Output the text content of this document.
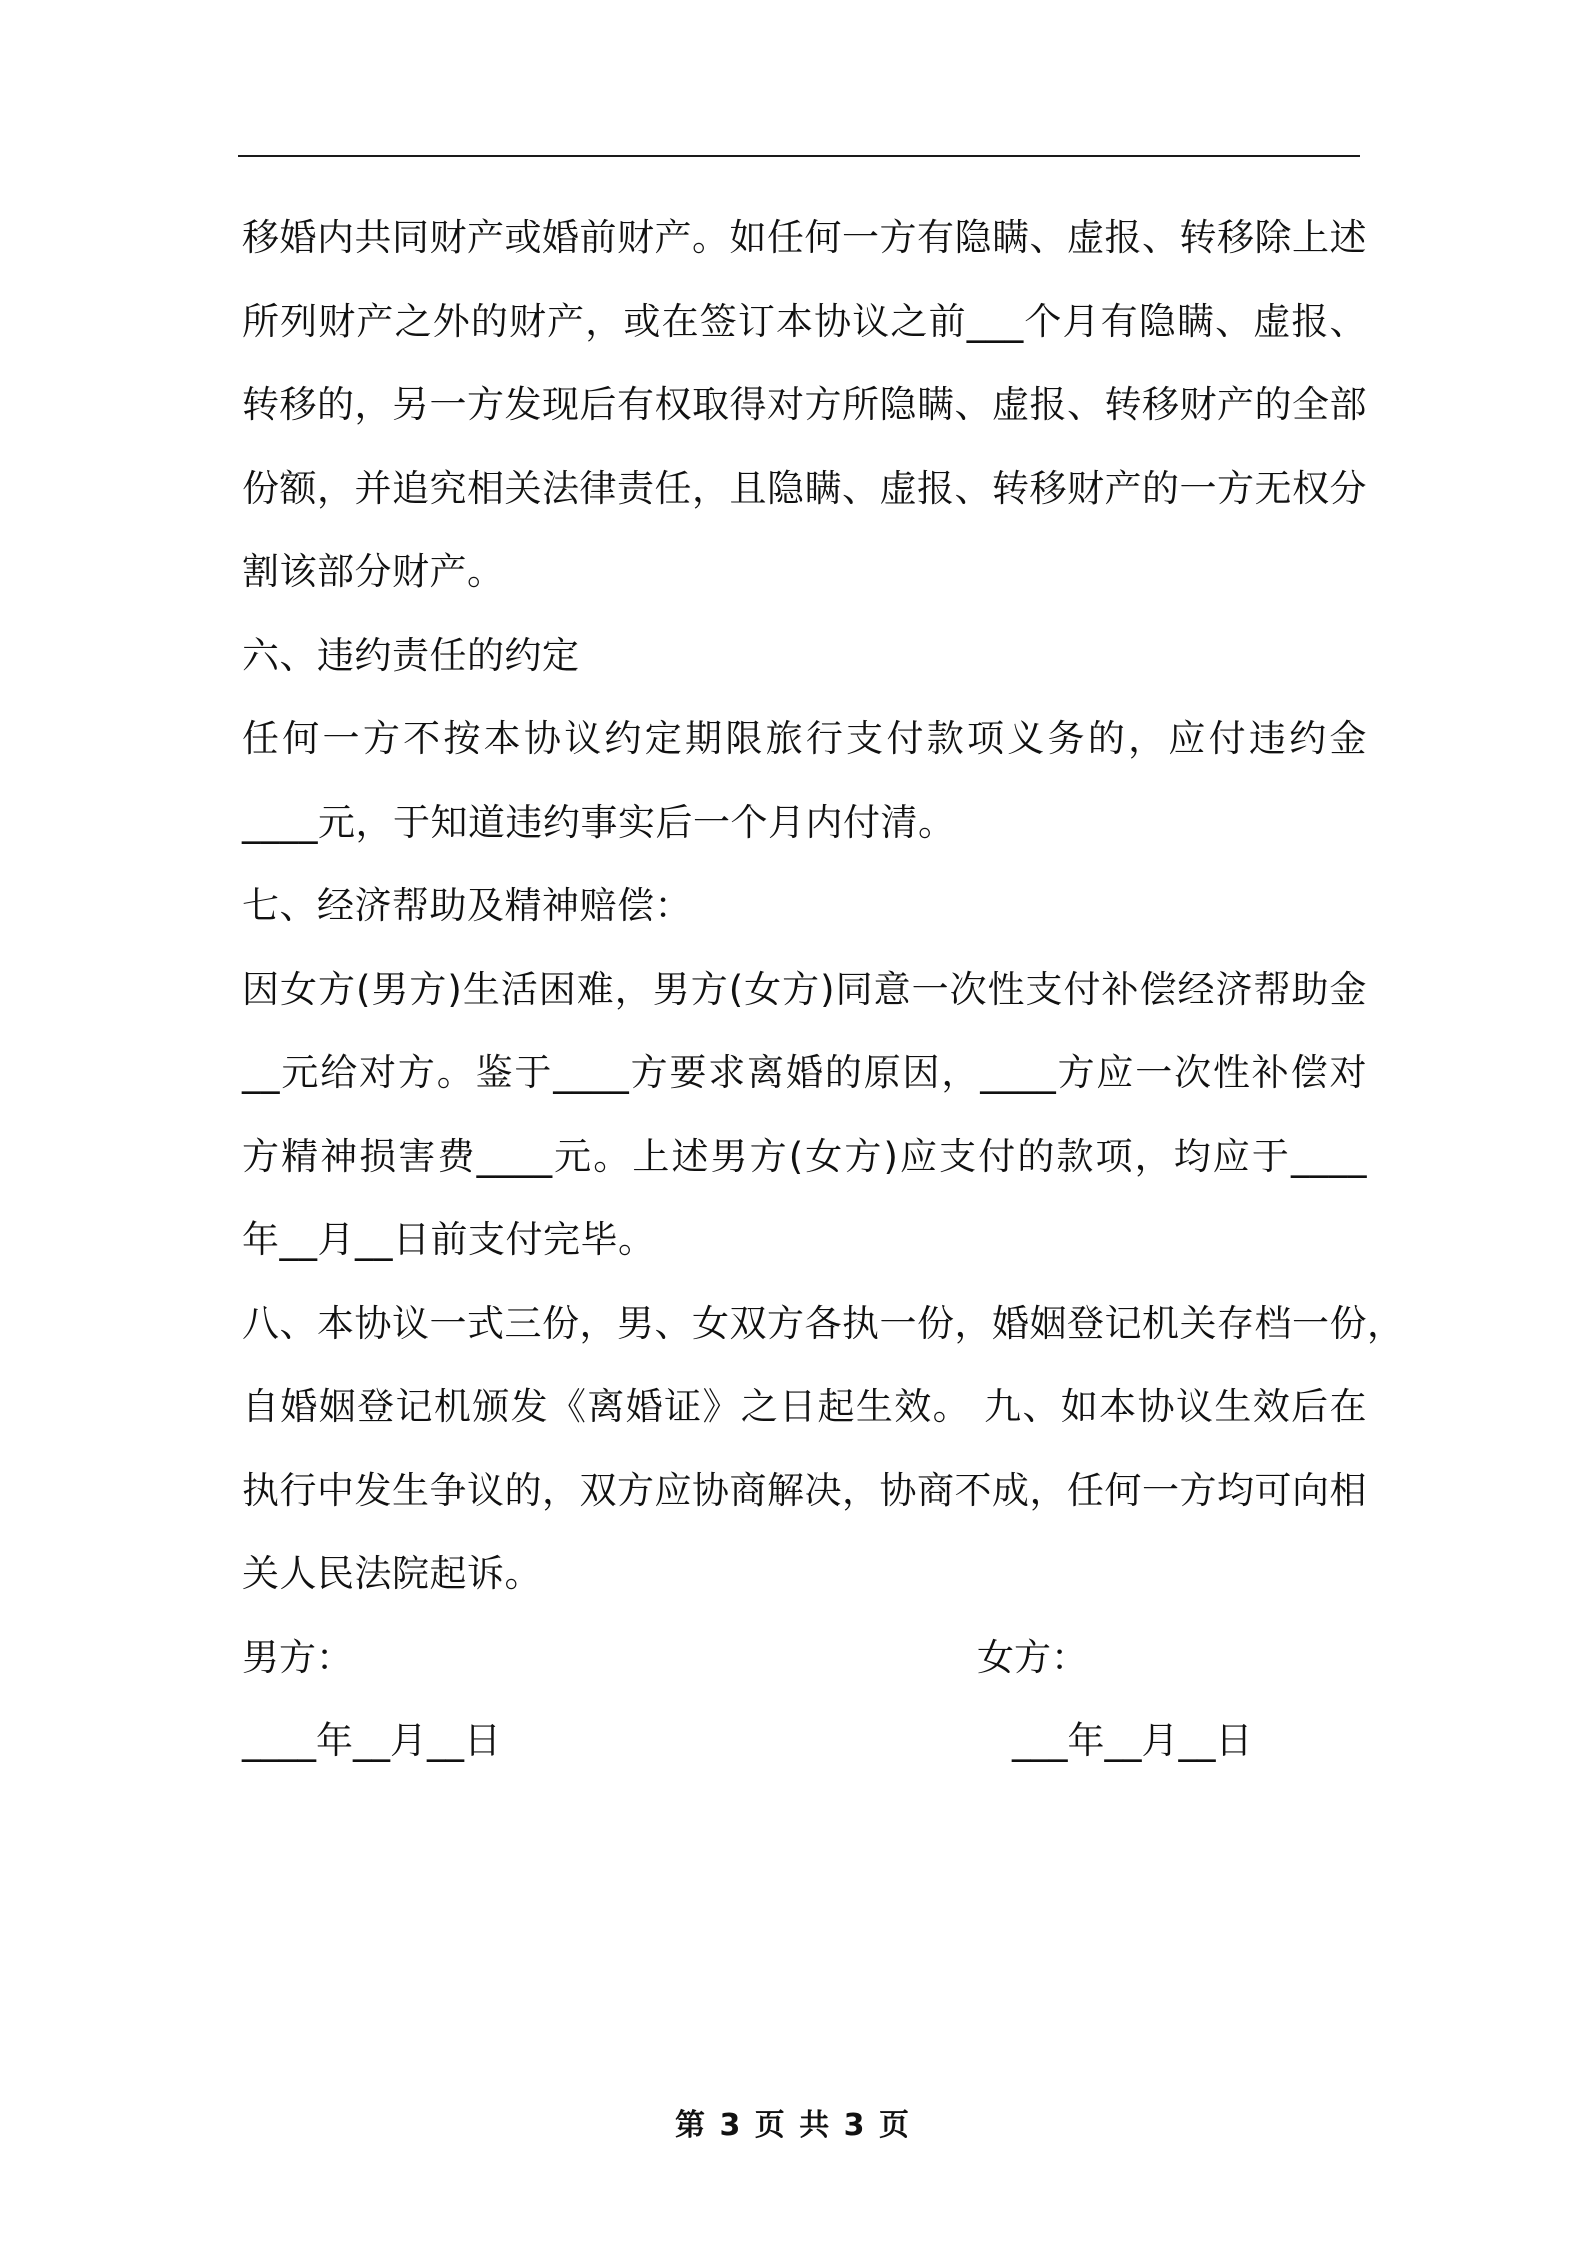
移婚内共同财产或婚前财产。如任何一方有隐瞒、虚报、转移除上述
所列财产之外的财产，或在签订本协议之前___个月有隐瞒、虚报、
转移的，另一方发现后有权取得对方所隐瞒、虚报、转移财产的全部
份额，并追究相关法律责任，且隐瞒、虚报、转移财产的一方无权分
割该部分财产。
六、违约责任的约定
任何一方不按本协议约定期限旅行支付款项义务的，应付违约金
____元，于知道违约事实后一个月内付清。
七、经济帮助及精神赔偿：
因女方(男方)生活困难，男方(女方)同意一次性支付补偿经济帮助金
__元给对方。鉴于____方要求离婚的原因，____方应一次性补偿对
方精神损害费____元。上述男方(女方)应支付的款项，均应于____
年__月__日前支付完毕。
八、本协议一式三份，男、女双方各执一份，婚姻登记机关存档一份，
自婚姻登记机颁发《离婚证》之日起生效。 九、如本协议生效后在
执行中发生争议的，双方应协商解决，协商不成，任何一方均可向相
关人民法院起诉。
男方：	女方：
____年__月__日	___年__月__日
第 3 页 共 3 页
